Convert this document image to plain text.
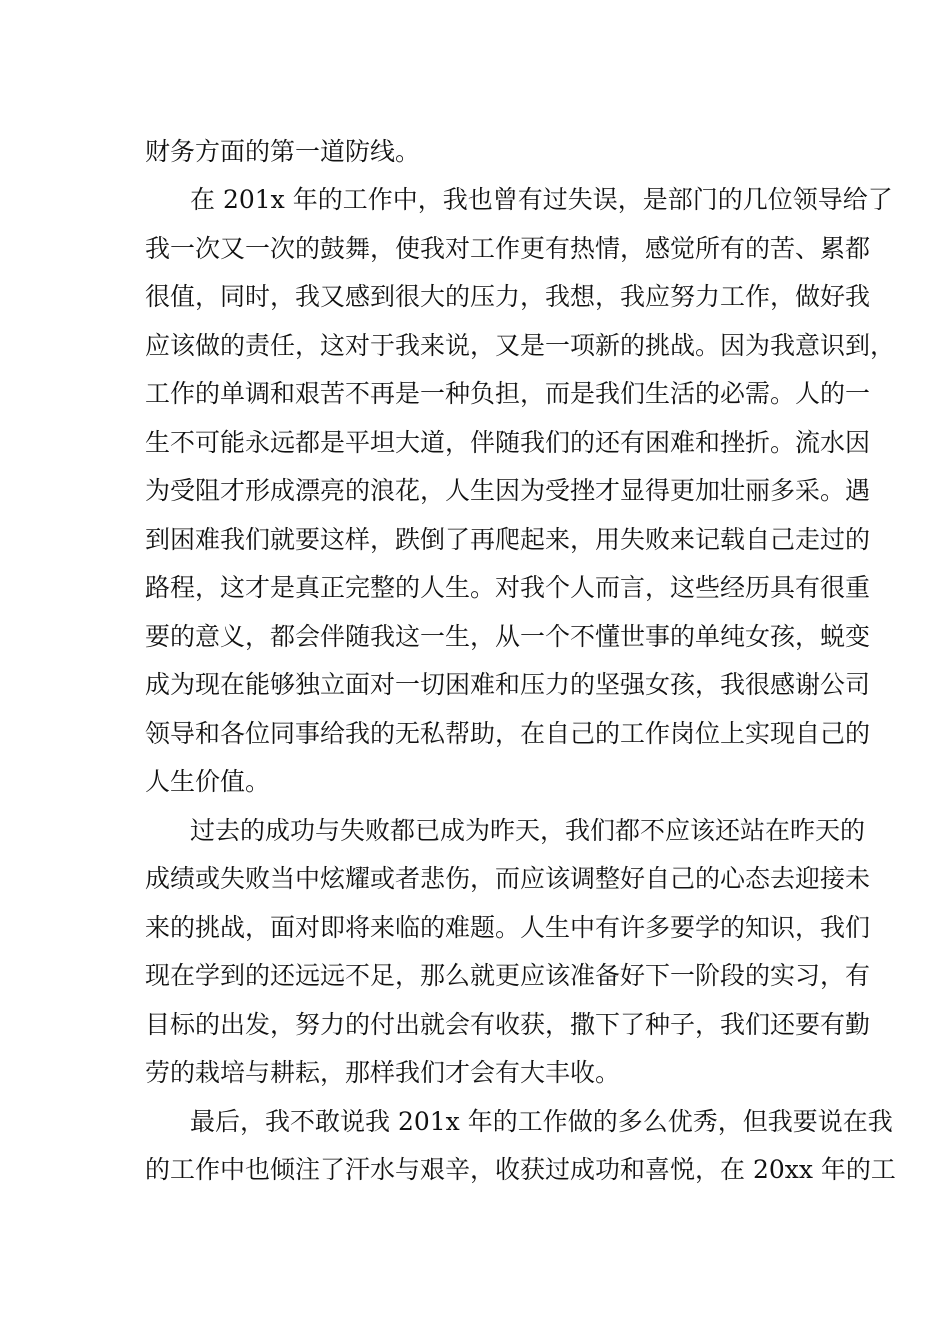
财务方面的第一道防线。
在 201x 年的工作中，我也曾有过失误，是部门的几位领导给了
我一次又一次的鼓舞，使我对工作更有热情，感觉所有的苦、累都
很值，同时，我又感到很大的压力，我想，我应努力工作，做好我
应该做的责任，这对于我来说，又是一项新的挑战。因为我意识到，
工作的单调和艰苦不再是一种负担，而是我们生活的必需。人的一
生不可能永远都是平坦大道，伴随我们的还有困难和挫折。流水因
为受阻才形成漂亮的浪花，人生因为受挫才显得更加壮丽多采。遇
到困难我们就要这样，跌倒了再爬起来，用失败来记载自己走过的
路程，这才是真正完整的人生。对我个人而言，这些经历具有很重
要的意义，都会伴随我这一生，从一个不懂世事的单纯女孩，蜕变
成为现在能够独立面对一切困难和压力的坚强女孩，我很感谢公司
领导和各位同事给我的无私帮助，在自己的工作岗位上实现自己的
人生价值。
过去的成功与失败都已成为昨天，我们都不应该还站在昨天的
成绩或失败当中炫耀或者悲伤，而应该调整好自己的心态去迎接未
来的挑战，面对即将来临的难题。人生中有许多要学的知识，我们
现在学到的还远远不足，那么就更应该准备好下一阶段的实习，有
目标的出发，努力的付出就会有收获，撒下了种子，我们还要有勤
劳的栽培与耕耘，那样我们才会有大丰收。
最后，我不敢说我 201x 年的工作做的多么优秀，但我要说在我
的工作中也倾注了汗水与艰辛，收获过成功和喜悦，在 20xx 年的工
